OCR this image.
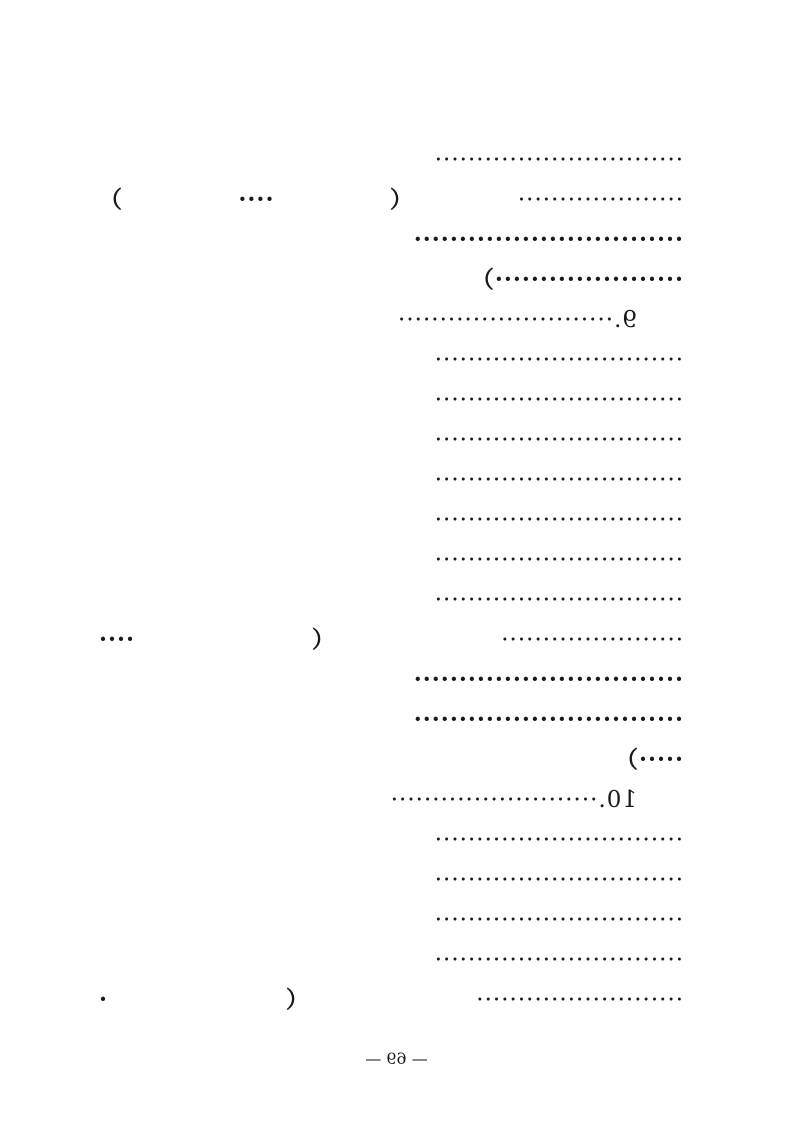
······························
····················（····）
······························
·····················）
9.··························
······························
······························
······························
······························
······························
······························
······························
······················（····
······························
······························
·····）
10.·························
······························
······························
······························
······························
·························（·
— 69 —
